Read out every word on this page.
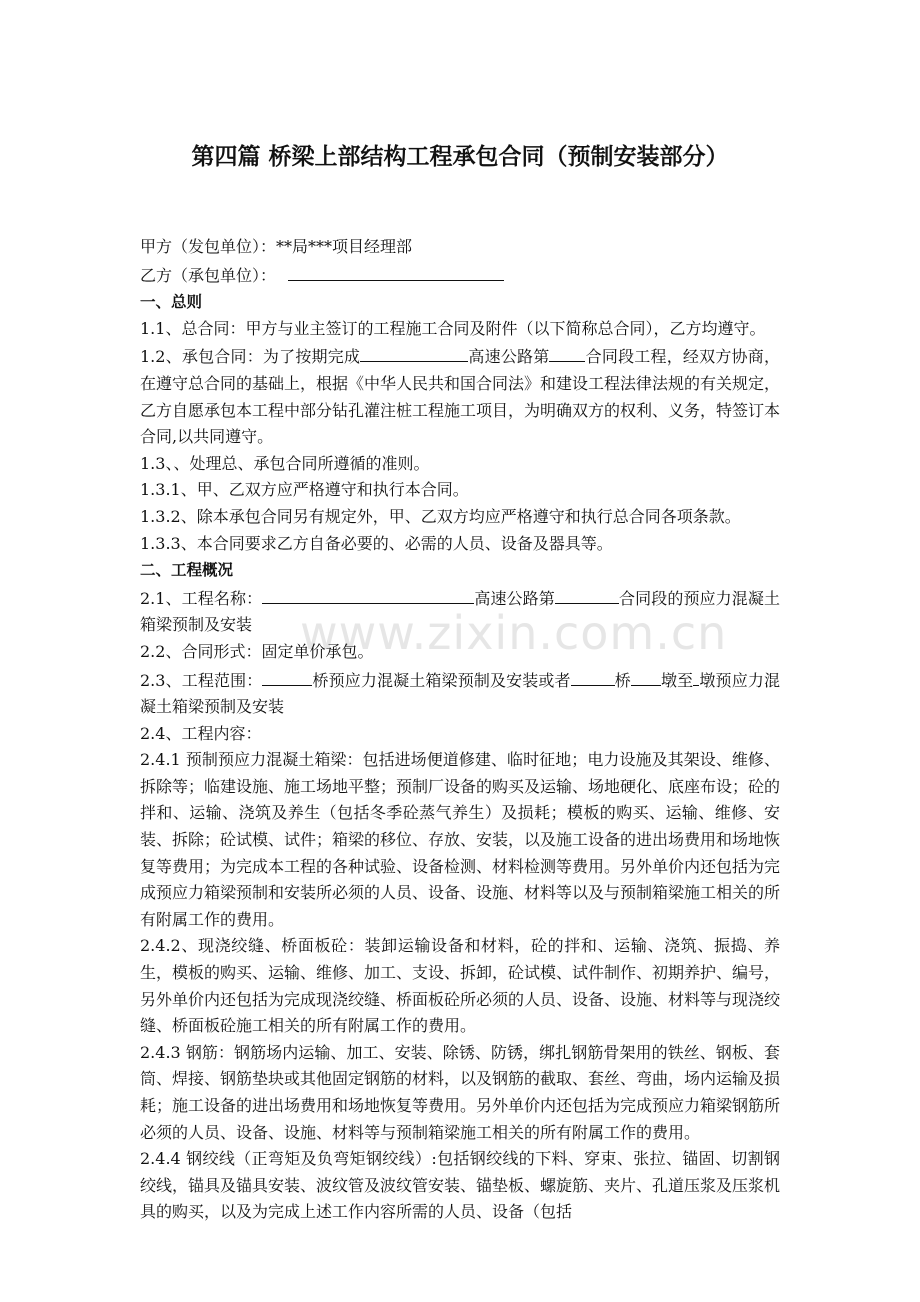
www.zixin.com.cn
第四篇 桥梁上部结构工程承包合同（预制安装部分）

甲方（发包单位）：**局***项目经理部

乙方（承包单位）：

一、总则

1.1、总合同：甲方与业主签订的工程施工合同及附件（以下简称总合同），乙方均遵守。

1.2、承包合同：为了按期完成	高速公路第 合同段工程，经双方协商，在遵守总合同的基础上，根据《中华人民共和国合同法》和建设工程法律法规的有关规定，乙方自愿承包本工程中部分钻孔灌注桩工程施工项目，为明确双方的权利、义务，特签订本合同,以共同遵守。

1.3、、处理总、承包合同所遵循的准则。

1.3.1、甲、乙双方应严格遵守和执行本合同。

1.3.2、除本承包合同另有规定外，甲、乙双方均应严格遵守和执行总合同各项条款。

1.3.3、本合同要求乙方自备必要的、必需的人员、设备及器具等。

二、工程概况

2.1、工程名称：	高速公路第	合同段的预应力混凝土箱梁预制及安装

2.2、合同形式：固定单价承包。

2.3、工程范围：	桥预应力混凝土箱梁预制及安装或者	桥 墩至 墩预应力混凝土箱梁预制及安装

2.4、工程内容：

2.4.1 预制预应力混凝土箱梁：包括进场便道修建、临时征地；电力设施及其架设、维修、拆除等；临建设施、施工场地平整；预制厂设备的购买及运输、场地硬化、底座布设；砼的拌和、运输、浇筑及养生（包括冬季砼蒸气养生）及损耗；模板的购买、运输、维修、安装、拆除；砼试模、试件；箱梁的移位、存放、安装，以及施工设备的进出场费用和场地恢复等费用；为完成本工程的各种试验、设备检测、材料检测等费用。另外单价内还包括为完成预应力箱梁预制和安装所必须的人员、设备、设施、材料等以及与预制箱梁施工相关的所有附属工作的费用。

2.4.2、现浇绞缝、桥面板砼：装卸运输设备和材料，砼的拌和、运输、浇筑、振捣、养生，模板的购买、运输、维修、加工、支设、拆卸，砼试模、试件制作、初期养护、编号，另外单价内还包括为完成现浇绞缝、桥面板砼所必须的人员、设备、设施、材料等与现浇绞缝、桥面板砼施工相关的所有附属工作的费用。

2.4.3 钢筋：钢筋场内运输、加工、安装、除锈、防锈，绑扎钢筋骨架用的铁丝、钢板、套筒、焊接、钢筋垫块或其他固定钢筋的材料，以及钢筋的截取、套丝、弯曲，场内运输及损耗；施工设备的进出场费用和场地恢复等费用。另外单价内还包括为完成预应力箱梁钢筋所必须的人员、设备、设施、材料等与预制箱梁施工相关的所有附属工作的费用。

2.4.4 钢绞线（正弯矩及负弯矩钢绞线）:包括钢绞线的下料、穿束、张拉、锚固、切割钢绞线，锚具及锚具安装、波纹管及波纹管安装、锚垫板、螺旋筋、夹片、孔道压浆及压浆机具的购买，以及为完成上述工作内容所需的人员、设备（包括
